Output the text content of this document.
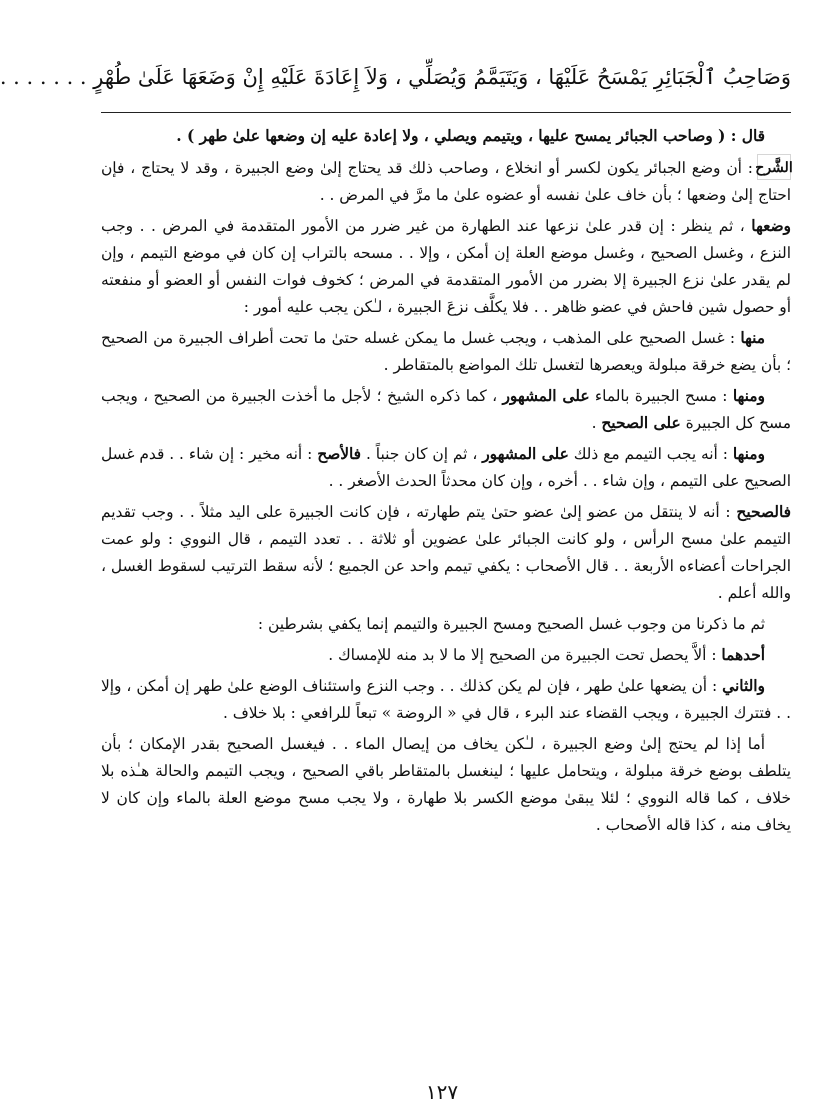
وَصَاحِبُ ٱلْجَبَائِرِ يَمْسَحُ عَلَيْهَا ، وَيَتَيَمَّمُ وَيُصَلِّي ، وَلاَ إِعَادَةَ عَلَيْهِ إِنْ وَضَعَهَا عَلَىٰ طُهْرٍ . . . . . . .

قال : ( وصاحب الجبائر يمسح عليها ، ويتيمم ويصلي ، ولا إعادة عليه إن وضعها علىٰ طهر ) .

الشَّرح
: أن وضع الجبائر يكون لكسر أو انخلاع ، وصاحب ذلك قد يحتاج إلىٰ وضع الجبيرة ، وقد لا يحتاج ، فإن احتاج إلىٰ وضعها ؛ بأن خاف علىٰ نفسه أو عضوه علىٰ ما مرَّ في المرض . .

وضعها ، ثم ينظر : إن قدر علىٰ نزعها عند الطهارة من غير ضرر من الأمور المتقدمة في المرض . . وجب النزع ، وغسل الصحيح ، وغسل موضع العلة إن أمكن ، وإلا . . مسحه بالتراب إن كان في موضع التيمم ، وإن لم يقدر علىٰ نزع الجبيرة إلا بضرر من الأمور المتقدمة في المرض ؛ كخوف فوات النفس أو العضو أو منفعته أو حصول شين فاحش في عضو ظاهر . . فلا يكلَّف نزعَ الجبيرة ، لـٰكن يجب عليه أمور :

منها : غسل الصحيح على المذهب ، ويجب غسل ما يمكن غسله حتىٰ ما تحت أطراف الجبيرة من الصحيح ؛ بأن يضع خرقة مبلولة ويعصرها لتغسل تلك المواضع بالمتقاطر .

ومنها : مسح الجبيرة بالماء على المشهور ، كما ذكره الشيخ ؛ لأجل ما أخذت الجبيرة من الصحيح ، ويجب مسح كل الجبيرة على الصحيح .

ومنها : أنه يجب التيمم مع ذلك على المشهور ، ثم إن كان جنباً . فالأصح : أنه مخير : إن شاء . . قدم غسل الصحيح على التيمم ، وإن شاء . . أخره ، وإن كان محدثاً الحدث الأصغر . .

فالصحيح : أنه لا ينتقل من عضو إلىٰ عضو حتىٰ يتم طهارته ، فإن كانت الجبيرة على اليد مثلاً . . وجب تقديم التيمم علىٰ مسح الرأس ، ولو كانت الجبائر علىٰ عضوين أو ثلاثة . . تعدد التيمم ، قال النووي : ولو عمت الجراحات أعضاءه الأربعة . . قال الأصحاب : يكفي تيمم واحد عن الجميع ؛ لأنه سقط الترتيب لسقوط الغسل ، والله أعلم .

ثم ما ذكرنا من وجوب غسل الصحيح ومسح الجبيرة والتيمم إنما يكفي بشرطين :

أحدهما : ألاَّ يحصل تحت الجبيرة من الصحيح إلا ما لا بد منه للإمساك .

والثاني : أن يضعها علىٰ طهر ، فإن لم يكن كذلك . . وجب النزع واستئناف الوضع علىٰ طهر إن أمكن ، وإلا . . فتترك الجبيرة ، ويجب القضاء عند البرء ، قال في « الروضة » تبعاً للرافعي : بلا خلاف .

أما إذا لم يحتج إلىٰ وضع الجبيرة ، لـٰكن يخاف من إيصال الماء . . فيغسل الصحيح بقدر الإمكان ؛ بأن يتلطف بوضع خرقة مبلولة ، ويتحامل عليها ؛ لينغسل بالمتقاطر باقي الصحيح ، ويجب التيمم والحالة هـٰذه بلا خلاف ، كما قاله النووي ؛ لئلا يبقىٰ موضع الكسر بلا طهارة ، ولا يجب مسح موضع العلة بالماء وإن كان لا يخاف منه ، كذا قاله الأصحاب .

١٢٧
